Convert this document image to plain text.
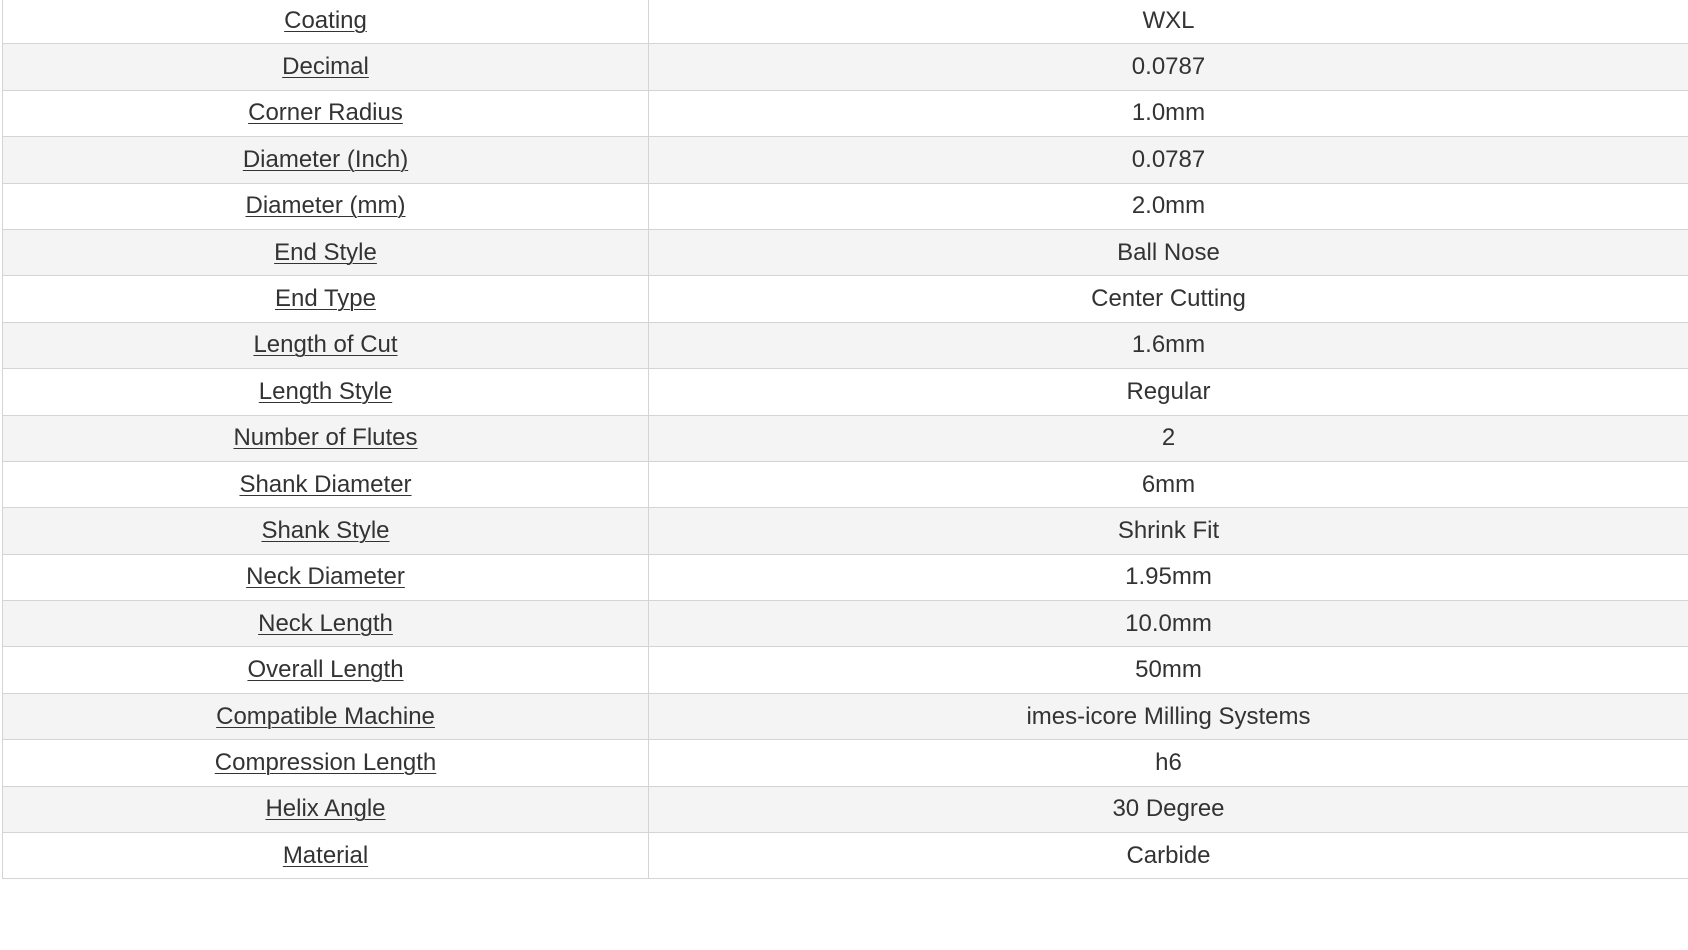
Coating	WXL
Decimal	0.0787
Corner Radius	1.0mm
Diameter (Inch)	0.0787
Diameter (mm)	2.0mm
End Style	Ball Nose
End Type	Center Cutting
Length of Cut	1.6mm
Length Style	Regular
Number of Flutes	2
Shank Diameter	6mm
Shank Style	Shrink Fit
Neck Diameter	1.95mm
Neck Length	10.0mm
Overall Length	50mm
Compatible Machine	imes-icore Milling Systems
Compression Length	h6
Helix Angle	30 Degree
Material	Carbide
